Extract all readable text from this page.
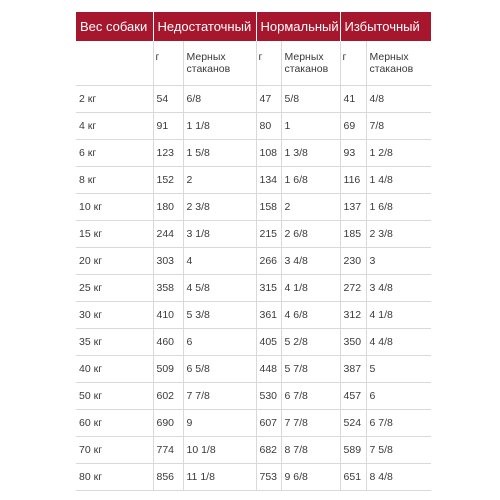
Вес собаки	Недостаточный		Нормальный		Избыточный	
	г	Мерных стаканов	г	Мерных стаканов	г	Мерных стаканов
2 кг	54	6/8	47	5/8	41	4/8
4 кг	91	1 1/8	80	1	69	7/8
6 кг	123	1 5/8	108	1 3/8	93	1 2/8
8 кг	152	2	134	1 6/8	116	1 4/8
10 кг	180	2 3/8	158	2	137	1 6/8
15 кг	244	3 1/8	215	2 6/8	185	2 3/8
20 кг	303	4	266	3 4/8	230	3
25 кг	358	4 5/8	315	4 1/8	272	3 4/8
30 кг	410	5 3/8	361	4 6/8	312	4 1/8
35 кг	460	6	405	5 2/8	350	4 4/8
40 кг	509	6 5/8	448	5 7/8	387	5
50 кг	602	7 7/8	530	6 7/8	457	6
60 кг	690	9	607	7 7/8	524	6 7/8
70 кг	774	10 1/8	682	8 7/8	589	7 5/8
80 кг	856	11 1/8	753	9 6/8	651	8 4/8
